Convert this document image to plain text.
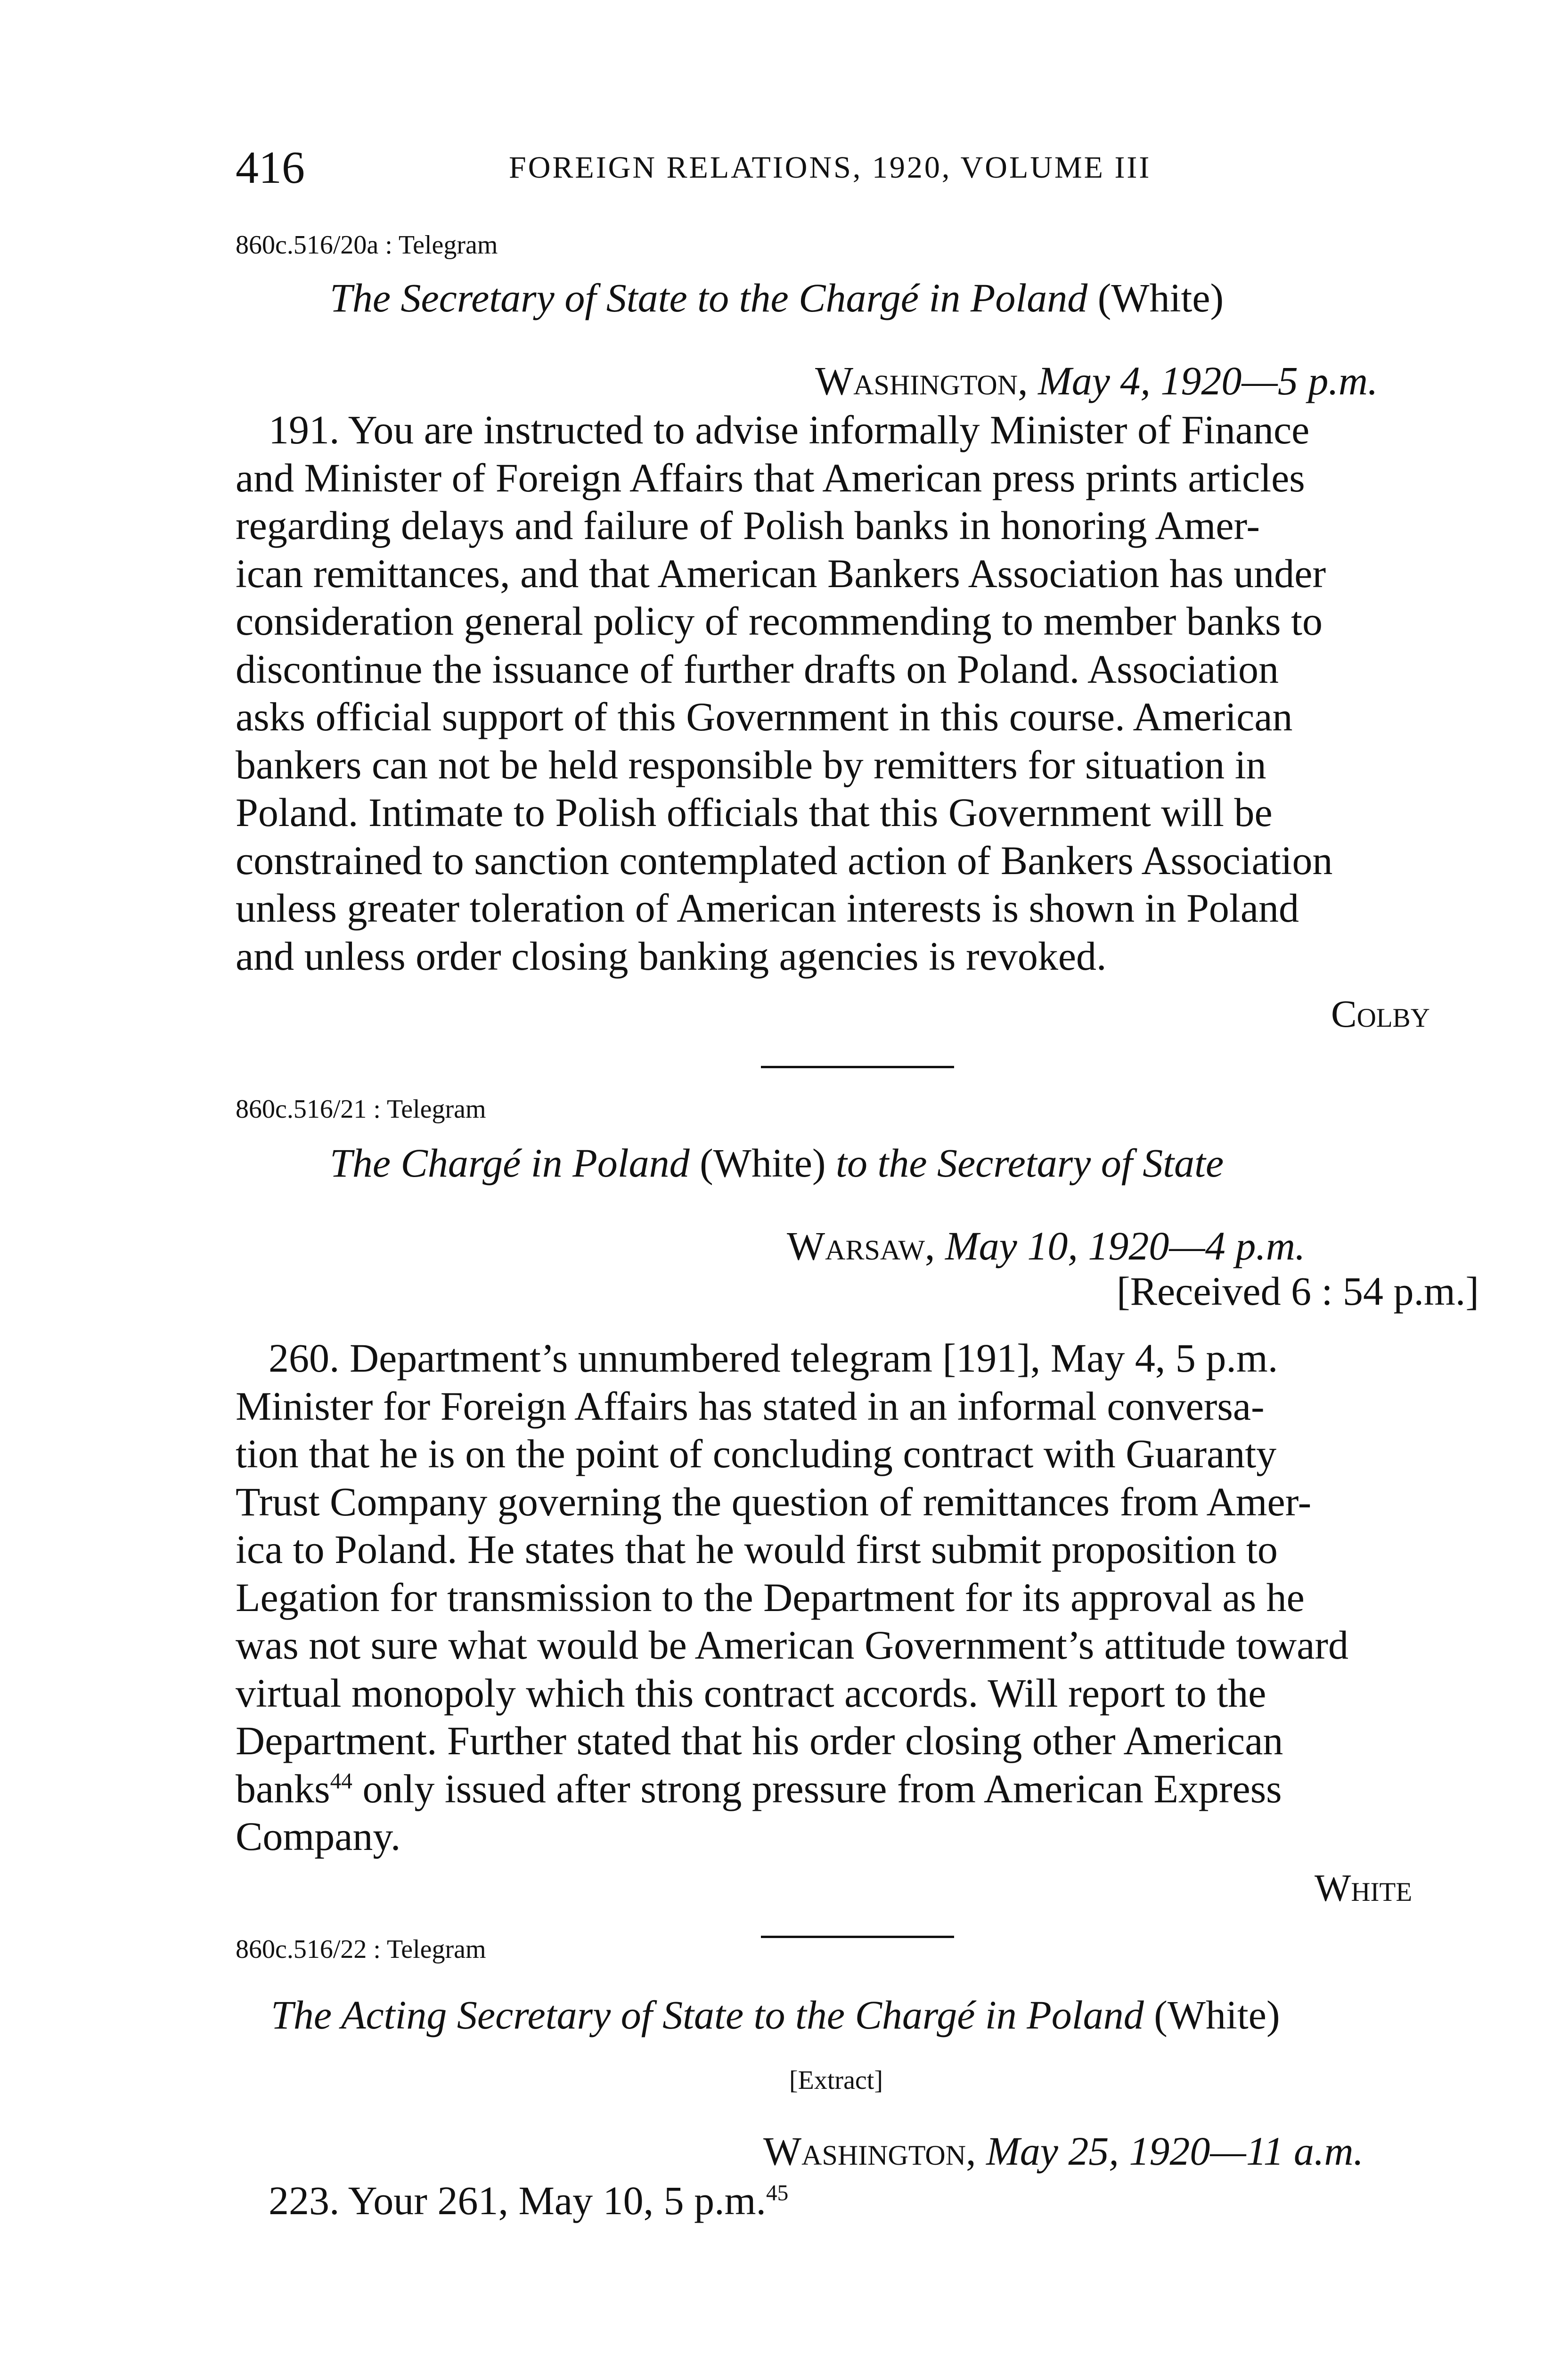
416	FOREIGN RELATIONS, 1920, VOLUME III
860c.516/20a : Telegram
The Secretary of State to the Chargé in Poland (White)
Washington, May 4, 1920—5 p.m.
191. You are instructed to advise informally Minister of Finance
and Minister of Foreign Affairs that American press prints articles
regarding delays and failure of Polish banks in honoring Amer-
ican remittances, and that American Bankers Association has under
consideration general policy of recommending to member banks to
discontinue the issuance of further drafts on Poland. Association
asks official support of this Government in this course. American
bankers can not be held responsible by remitters for situation in
Poland. Intimate to Polish officials that this Government will be
constrained to sanction contemplated action of Bankers Association
unless greater toleration of American interests is shown in Poland
and unless order closing banking agencies is revoked.
Colby
860c.516/21 : Telegram
The Chargé in Poland (White) to the Secretary of State
Warsaw, May 10, 1920—4 p.m.
[Received 6 : 54 p.m.]
260. Department’s unnumbered telegram [191], May 4, 5 p.m.
Minister for Foreign Affairs has stated in an informal conversa-
tion that he is on the point of concluding contract with Guaranty
Trust Company governing the question of remittances from Amer-
ica to Poland. He states that he would first submit proposition to
Legation for transmission to the Department for its approval as he
was not sure what would be American Government’s attitude toward
virtual monopoly which this contract accords. Will report to the
Department. Further stated that his order closing other American
banks$^{44}$ only issued after strong pressure from American Express
Company.
White
860c.516/22 : Telegram
The Acting Secretary of State to the Chargé in Poland (White)
[Extract]
Washington, May 25, 1920—11 a.m.
223. Your 261, May 10, 5 p.m.$^{45}$
